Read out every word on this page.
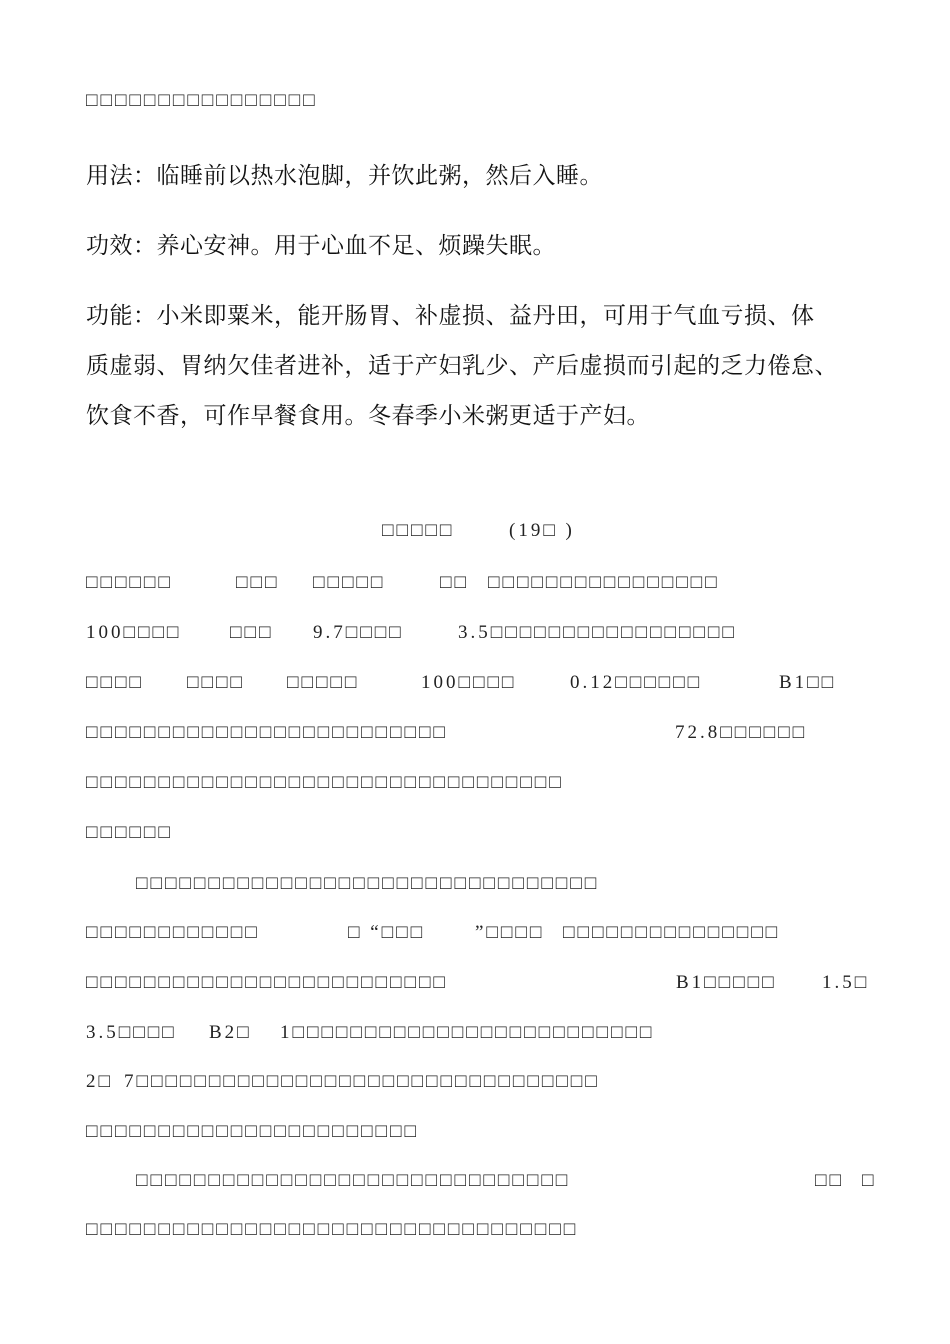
□□□□□□□□□□□□□□□□

用法：临睡前以热水泡脚，并饮此粥，然后入睡。

功效：养心安神。用于心血不足、烦躁失眠。

功能：小米即粟米，能开肠胃、补虚损、益丹田，可用于气血亏损、体

质虚弱、胃纳欠佳者进补，适于产妇乳少、产后虚损而引起的乏力倦怠、

饮食不香，可作早餐食用。冬春季小米粥更适于产妇。

□□□□□	(19□ )
□□□□□□	□□□ □□□□□	□□ □□□□□□□□□□□□□□□□
100□□□□	□□□ 9.7□□□□	3.5□□□□□□□□□□□□□□□□□
□□□□ □□□□ □□□□□	100□□□□	0.12□□□□□□	B1□□
□□□□□□□□□□□□□□□□□□□□□□□□□	72.8□□□□□□
□□□□□□□□□□□□□□□□□□□□□□□□□□□□□□□□□
□□□□□□
□□□□□□□□□□□□□□□□□□□□□□□□□□□□□□□□
□□□□□□□□□□□□	□ “□□□	”□□□□ □□□□□□□□□□□□□□□
□□□□□□□□□□□□□□□□□□□□□□□□□	B1□□□□□ 1.5□
3.5□□□□ B2□ 1□□□□□□□□□□□□□□□□□□□□□□□□□
2□ 7□□□□□□□□□□□□□□□□□□□□□□□□□□□□□□□□
□□□□□□□□□□□□□□□□□□□□□□□
□□□□□□□□□□□□□□□□□□□□□□□□□□□□□□	□□ □
□□□□□□□□□□□□□□□□□□□□□□□□□□□□□□□□□□
